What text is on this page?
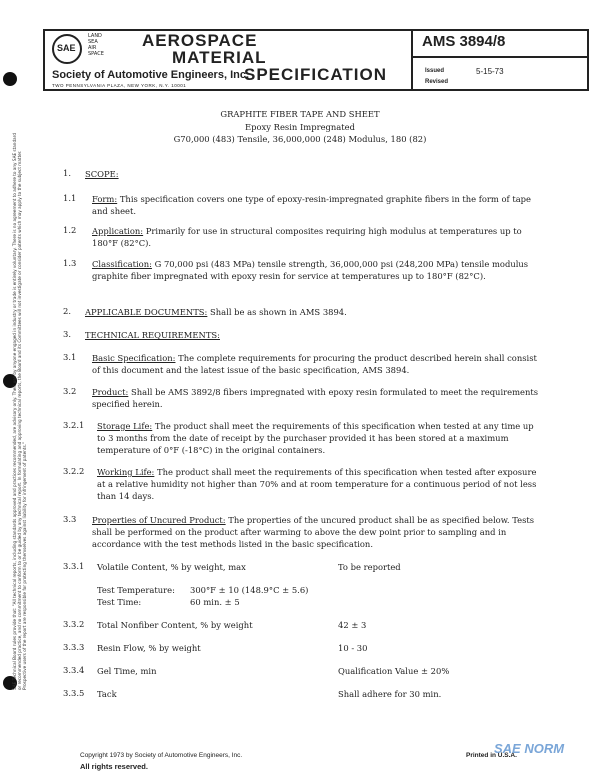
SAE Technical Board rules provide that: "All technical reports, including standards approved and practices recommended, are advisory only. Their use by anyone engaged in industry or trade is entirely voluntary. There is no agreement to adhere to any SAE standard or recommended practice, and no commitment to conform to or be guided by any technical report. In formulating and approving technical reports, the Board and its Committees will not investigate or consider patents which may apply to the subject matter. Prospective users of the report are responsible for protecting themselves against liability for infringement of patents."
SAE
LAND
SEA
AIR
SPACE
AEROSPACE
MATERIAL
SPECIFICATION
Society of Automotive Engineers, Inc.
TWO PENNSYLVANIA PLAZA, NEW YORK, N.Y. 10001
AMS 3894/8
Issued	5-15-73
Revised
GRAPHITE FIBER TAPE AND SHEET
Epoxy Resin Impregnated
G70,000 (483) Tensile, 36,000,000 (248) Modulus, 180 (82)
1. SCOPE:
1.1 Form: This specification covers one type of epoxy-resin-impregnated graphite fibers in the form of tape and sheet.
1.2 Application: Primarily for use in structural composites requiring high modulus at temperatures up to 180°F (82°C).
1.3 Classification: G 70,000 psi (483 MPa) tensile strength, 36,000,000 psi (248,200 MPa) tensile modulus graphite fiber impregnated with epoxy resin for service at temperatures up to 180°F (82°C).
2. APPLICABLE DOCUMENTS: Shall be as shown in AMS 3894.
3. TECHNICAL REQUIREMENTS:
3.1 Basic Specification: The complete requirements for procuring the product described herein shall consist of this document and the latest issue of the basic specification, AMS 3894.
3.2 Product: Shall be AMS 3892/8 fibers impregnated with epoxy resin formulated to meet the requirements specified herein.
3.2.1 Storage Life: The product shall meet the requirements of this specification when tested at any time up to 3 months from the date of receipt by the purchaser provided it has been stored at a maximum temperature of 0°F (-18°C) in the original containers.
3.2.2 Working Life: The product shall meet the requirements of this specification when tested after exposure at a relative humidity not higher than 70% and at room temperature for a continuous period of not less than 14 days.
3.3 Properties of Uncured Product: The properties of the uncured product shall be as specified below. Tests shall be performed on the product after warming to above the dew point prior to sampling and in accordance with the test methods listed in the basic specification.
3.3.1 Volatile Content, % by weight, max	To be reported
Test Temperature: 300°F ± 10 (148.9°C ± 5.6)
Test Time:	60 min. ± 5
3.3.2 Total Nonfiber Content, % by weight	42 ± 3
3.3.3 Resin Flow, % by weight	10 - 30
3.3.4 Gel Time, min	Qualification Value ± 20%
3.3.5 Tack	Shall adhere for 30 min.
Copyright 1973 by Society of Automotive Engineers, Inc.
All rights reserved.
Printed in U.S.A.
SAE NORM
